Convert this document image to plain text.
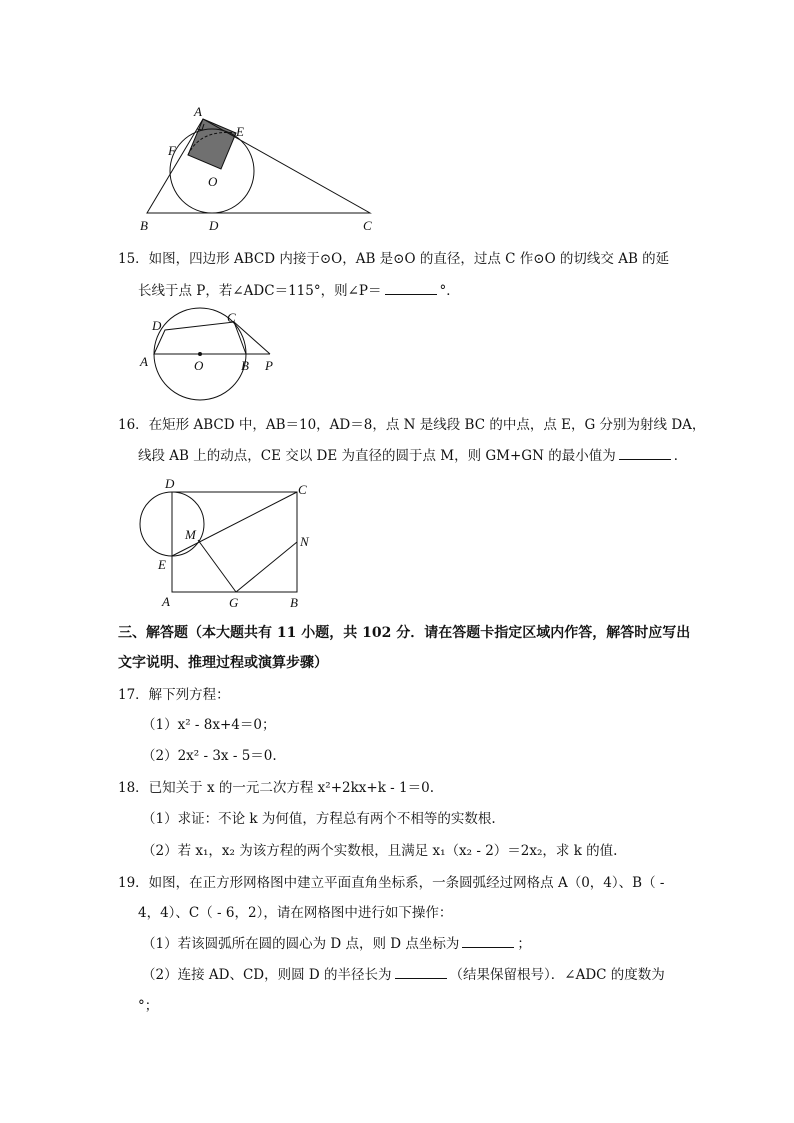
A
E
F
O
B	D	C
15．如图，四边形 ABCD 内接于⊙O，AB 是⊙O 的直径，过点 C 作⊙O 的切线交 AB 的延
长线于点 P，若∠ADC＝115°，则∠P＝	°．
D
C
A	O	B P
16．在矩形 ABCD 中，AB＝10，AD＝8，点 N 是线段 BC 的中点，点 E，G 分别为射线 DA，
线段 AB 上的动点，CE 交以 DE 为直径的圆于点 M，则 GM+GN 的最小值为	．
D	C
M	N
E
A	G	B
三、解答题（本大题共有 11 小题，共 102 分．请在答题卡指定区域内作答，解答时应写出
文字说明、推理过程或演算步骤）
17．解下列方程：
（1）x² - 8x+4＝0；
（2）2x² - 3x - 5＝0.
18．已知关于 x 的一元二次方程 x²+2kx+k - 1＝0.
（1）求证：不论 k 为何值，方程总有两个不相等的实数根.
（2）若 x₁，x₂ 为该方程的两个实数根，且满足 x₁（x₂ - 2）＝2x₂，求 k 的值.
19．如图，在正方形网格图中建立平面直角坐标系，一条圆弧经过网格点 A（0，4）、B（ -
4，4）、C（ - 6，2），请在网格图中进行如下操作：
（1）若该圆弧所在圆的圆心为 D 点，则 D 点坐标为	；
（2）连接 AD、CD，则圆 D 的半径长为	（结果保留根号）．∠ADC 的度数为
°；
